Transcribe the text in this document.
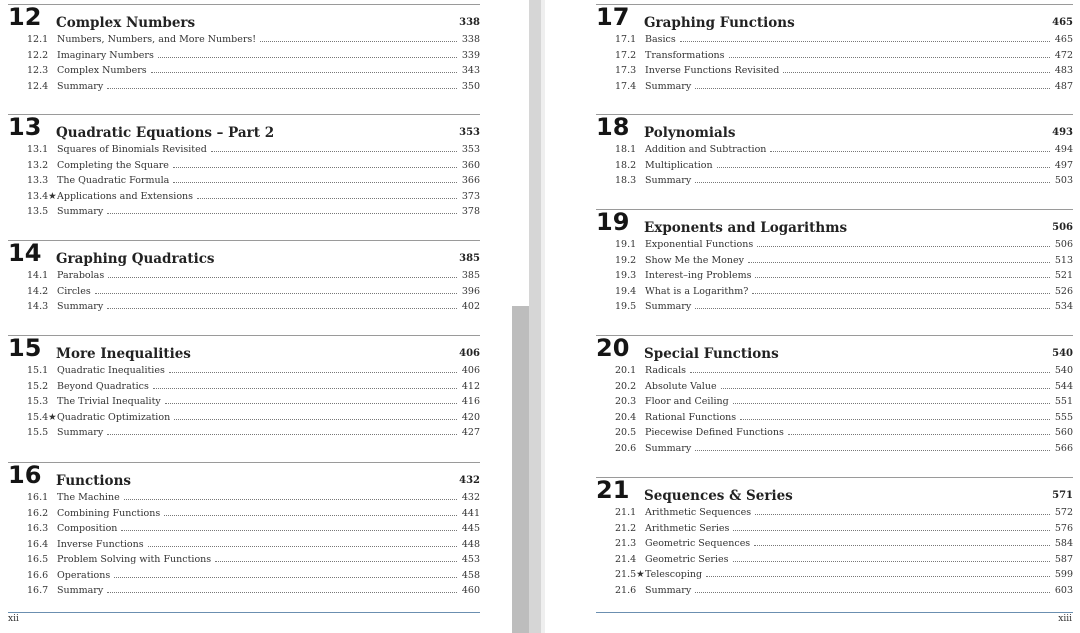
12 Complex Numbers	338
12.1 Numbers, Numbers, and More Numbers!	338
12.2 Imaginary Numbers	339
12.3 Complex Numbers	343
12.4 Summary	350
13 Quadratic Equations – Part 2	353
13.1 Squares of Binomials Revisited	353
13.2 Completing the Square	360
13.3 The Quadratic Formula	366
13.4★ Applications and Extensions	373
13.5 Summary	378
14 Graphing Quadratics	385
14.1 Parabolas	385
14.2 Circles	396
14.3 Summary	402
15 More Inequalities	406
15.1 Quadratic Inequalities	406
15.2 Beyond Quadratics	412
15.3 The Trivial Inequality	416
15.4★ Quadratic Optimization	420
15.5 Summary	427
16 Functions	432
16.1 The Machine	432
16.2 Combining Functions	441
16.3 Composition	445
16.4 Inverse Functions	448
16.5 Problem Solving with Functions	453
16.6 Operations	458
16.7 Summary	460
xii
17 Graphing Functions	465
17.1 Basics	465
17.2 Transformations	472
17.3 Inverse Functions Revisited	483
17.4 Summary	487
18 Polynomials	493
18.1 Addition and Subtraction	494
18.2 Multiplication	497
18.3 Summary	503
19 Exponents and Logarithms	506
19.1 Exponential Functions	506
19.2 Show Me the Money	513
19.3 Interest–ing Problems	521
19.4 What is a Logarithm?	526
19.5 Summary	534
20 Special Functions	540
20.1 Radicals	540
20.2 Absolute Value	544
20.3 Floor and Ceiling	551
20.4 Rational Functions	555
20.5 Piecewise Defined Functions	560
20.6 Summary	566
21 Sequences & Series	571
21.1 Arithmetic Sequences	572
21.2 Arithmetic Series	576
21.3 Geometric Sequences	584
21.4 Geometric Series	587
21.5★ Telescoping	599
21.6 Summary	603
xiii
